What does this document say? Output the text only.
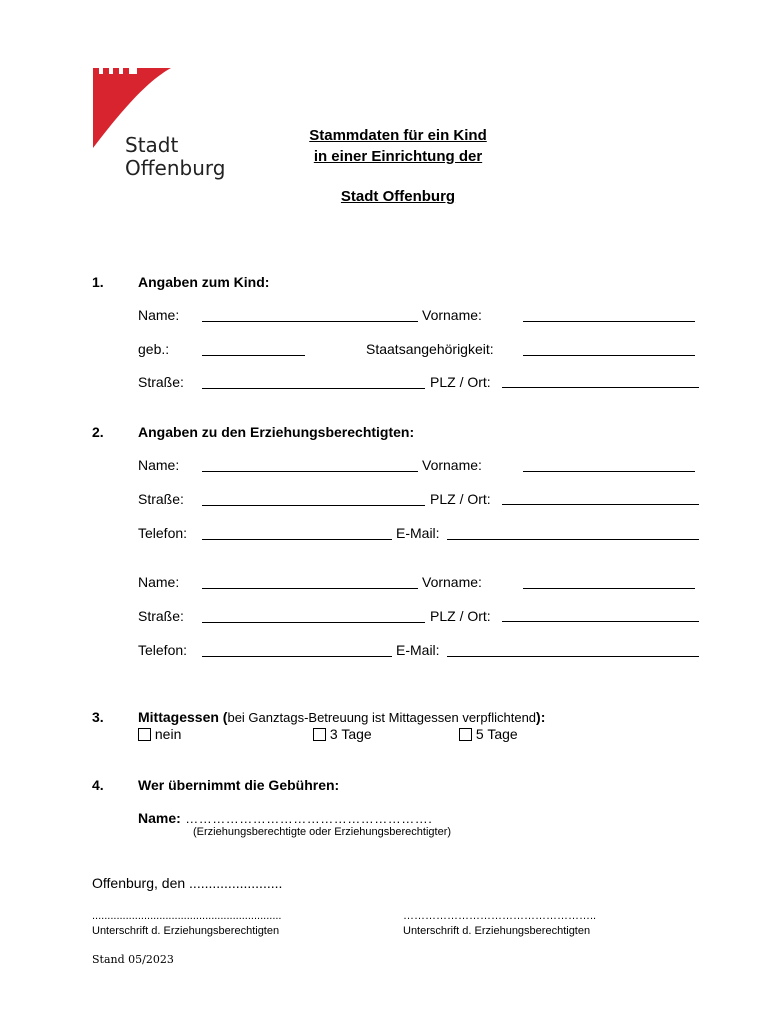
Stadt
Offenburg
Stammdaten für ein Kind
in einer Einrichtung der
Stadt Offenburg
1. Angaben zum Kind:
Name:	Vorname:
geb.:	Staatsangehörigkeit:
Straße:	PLZ / Ort:
2. Angaben zu den Erziehungsberechtigten:
Name:	Vorname:
Straße:	PLZ / Ort:
Telefon:	E-Mail:
Name:	Vorname:
Straße:	PLZ / Ort:
Telefon:	E-Mail:
3. Mittagessen (bei Ganztags-Betreuung ist Mittagessen verpflichtend):
nein	3 Tage	5 Tage
4. Wer übernimmt die Gebühren:
Name: ……………………………………………….
(Erziehungsberechtigte oder Erziehungsberechtigter)
Offenburg, den ........................
..............................................................	……………………………………………..
Unterschrift d. Erziehungsberechtigten	Unterschrift d. Erziehungsberechtigten
Stand 05/2023
